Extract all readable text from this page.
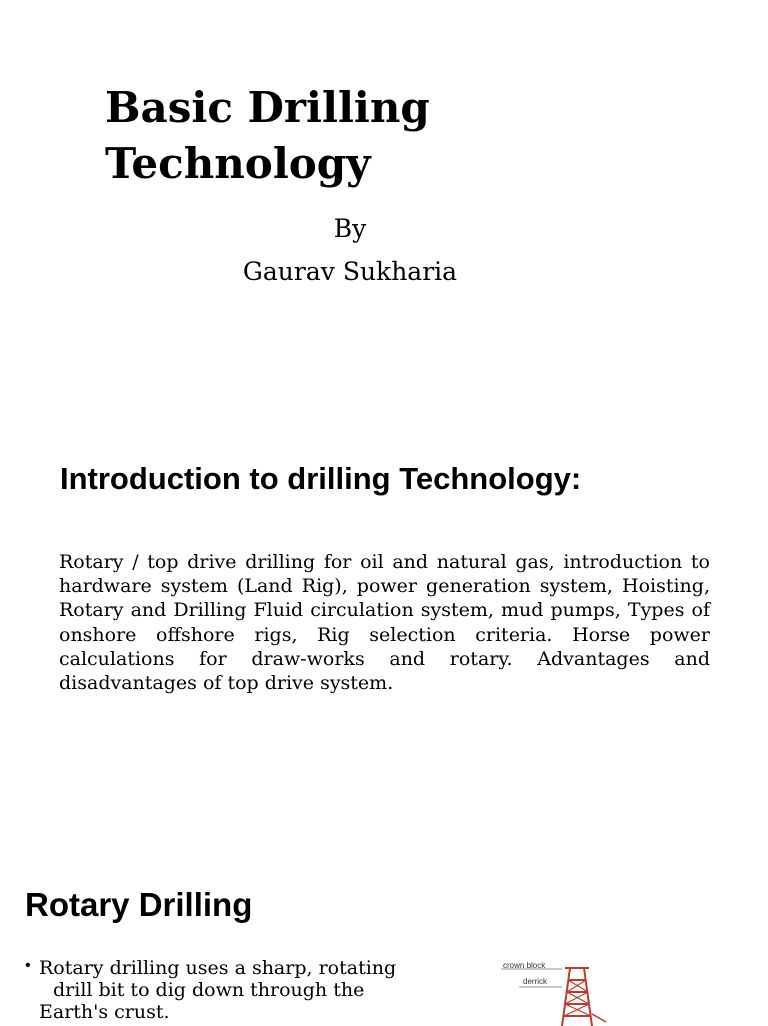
Basic Drilling Technology
By
Gaurav Sukharia
Introduction to drilling Technology:

Rotary / top drive drilling for oil and natural gas, introduction to hardware system (Land Rig), power generation system, Hoisting, Rotary and Drilling Fluid circulation system, mud pumps, Types of onshore offshore rigs, Rig selection criteria. Horse power calculations for draw-works and rotary. Advantages and disadvantages of top drive system.

Rotary Drilling
• Rotary drilling uses a sharp, rotating
drill bit to dig down through the
Earth's crust.

crown block
derrick
